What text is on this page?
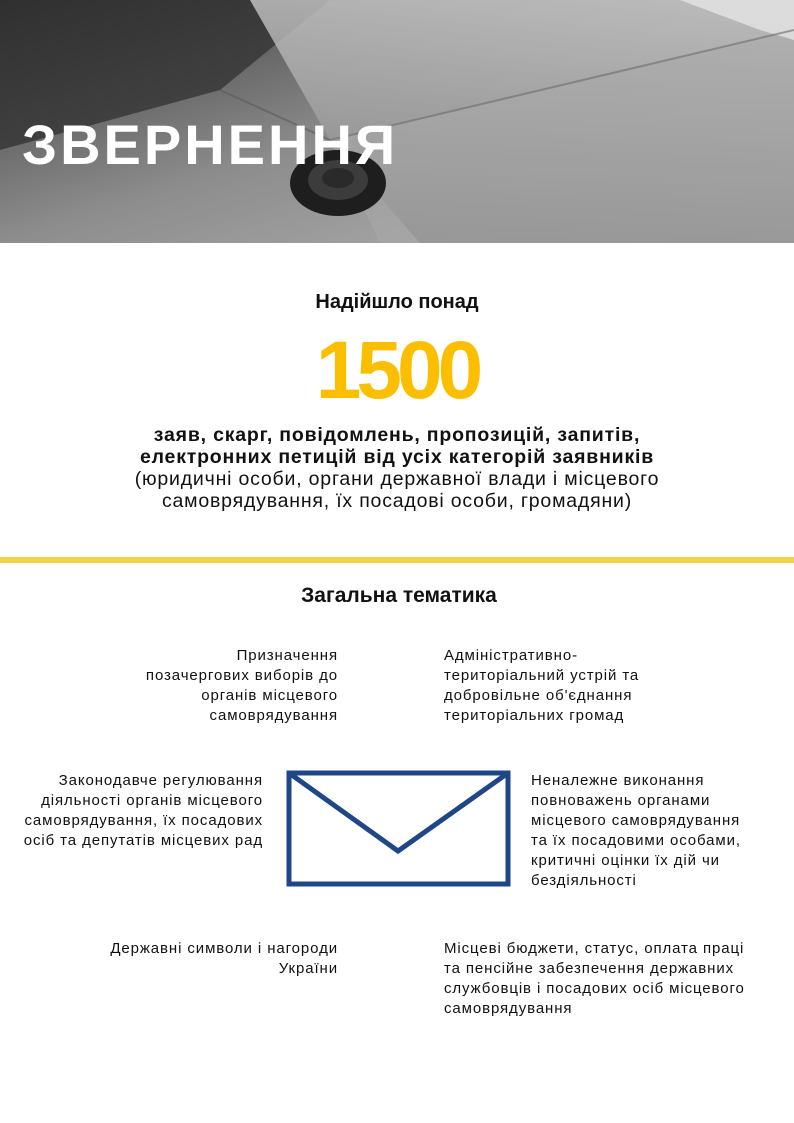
ЗВЕРНЕННЯ
Надійшло понад
1500
заяв, скарг, повідомлень, пропозицій, запитів,
електронних петицій від усіх категорій заявників
(юридичні особи, органи державної влади і місцевого
самоврядування, їх посадові особи, громадяни)
Загальна тематика
Призначення
позачергових виборів до
органів місцевого
самоврядування
Адміністративно-
територіальний устрій та
добровільне об'єднання
територіальних громад
Законодавче регулювання
діяльності органів місцевого
самоврядування, їх посадових
осіб та депутатів місцевих рад
Неналежне виконання
повноважень органами
місцевого самоврядування
та їх посадовими особами,
критичні оцінки їх дій чи
бездіяльності
Державні символи і нагороди
України
Місцеві бюджети, статус, оплата праці
та пенсійне забезпечення державних
службовців і посадових осіб місцевого
самоврядування
